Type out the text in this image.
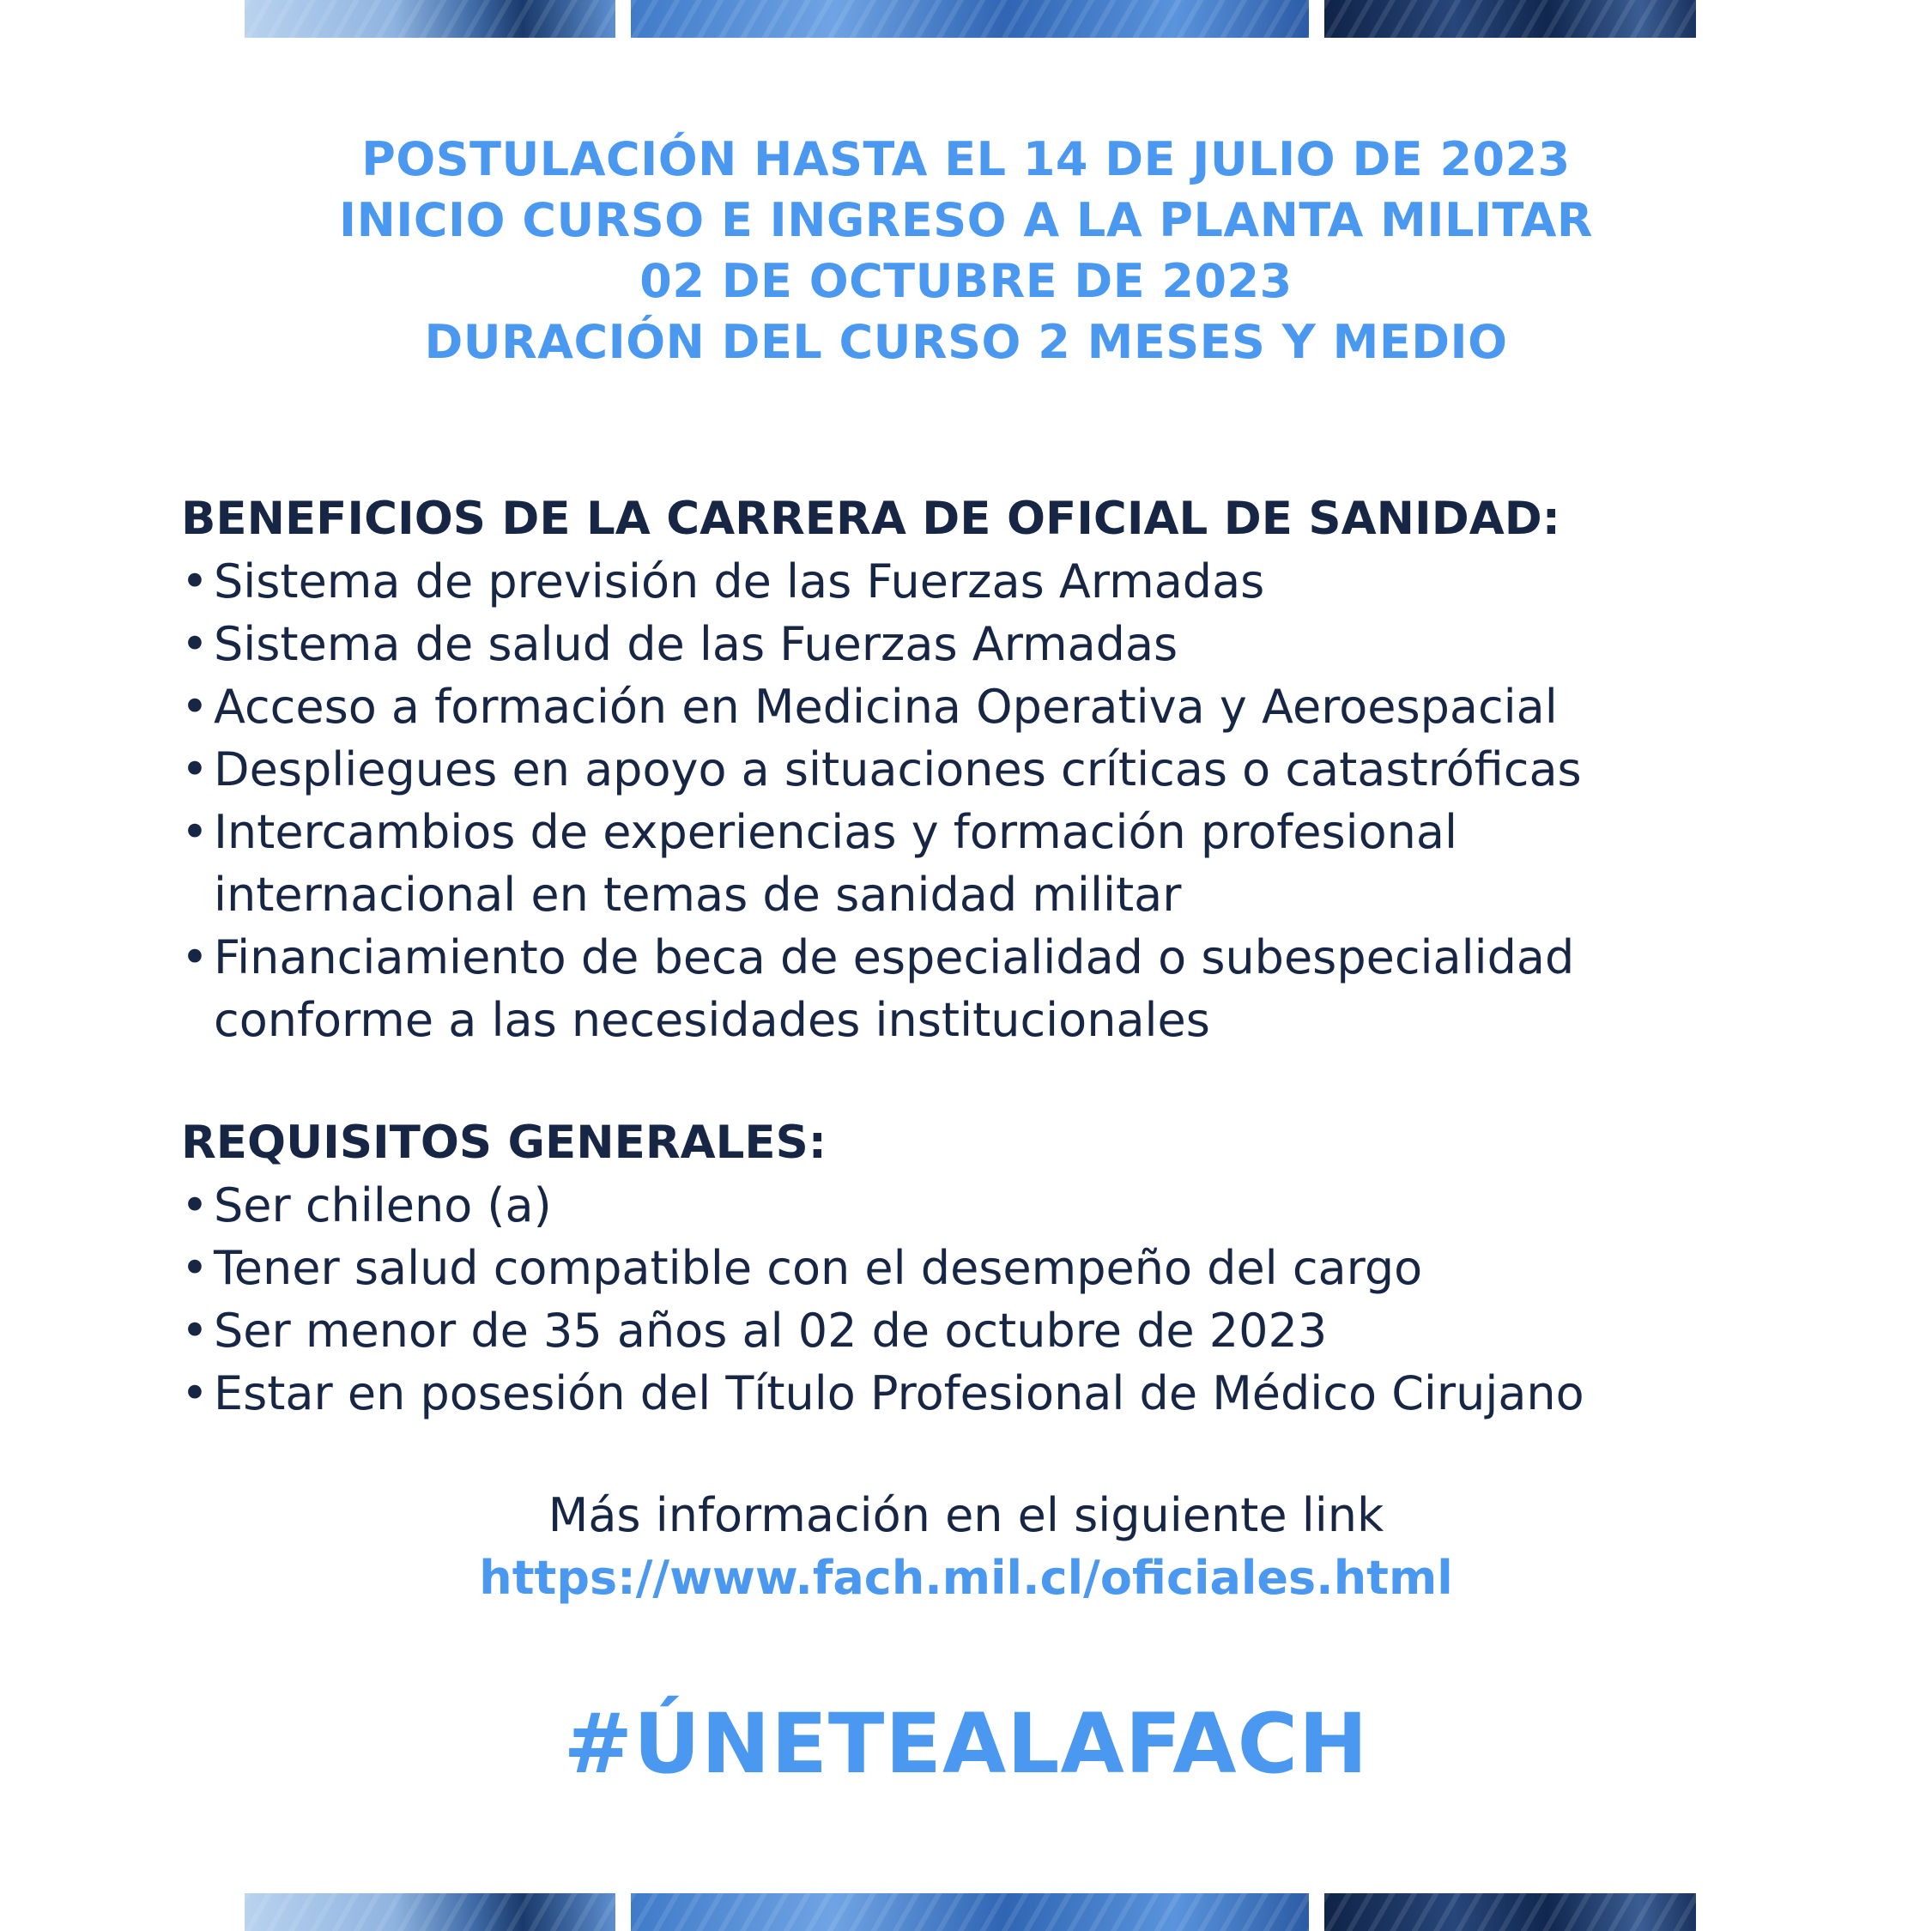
POSTULACIÓN HASTA EL 14 DE JULIO DE 2023
INICIO CURSO E INGRESO A LA PLANTA MILITAR
02 DE OCTUBRE DE 2023
DURACIÓN DEL CURSO 2 MESES Y MEDIO
BENEFICIOS DE LA CARRERA DE OFICIAL DE SANIDAD:
• Sistema de previsión de las Fuerzas Armadas
• Sistema de salud de las Fuerzas Armadas
• Acceso a formación en Medicina Operativa y Aeroespacial
• Despliegues en apoyo a situaciones críticas o catastróficas
• Intercambios de experiencias y formación profesional
internacional en temas de sanidad militar
• Financiamiento de beca de especialidad o subespecialidad
conforme a las necesidades institucionales
REQUISITOS GENERALES:
• Ser chileno (a)
• Tener salud compatible con el desempeño del cargo
• Ser menor de 35 años al 02 de octubre de 2023
• Estar en posesión del Título Profesional de Médico Cirujano
Más información en el siguiente link
https://www.fach.mil.cl/oficiales.html
#ÚNETEALAFACH
